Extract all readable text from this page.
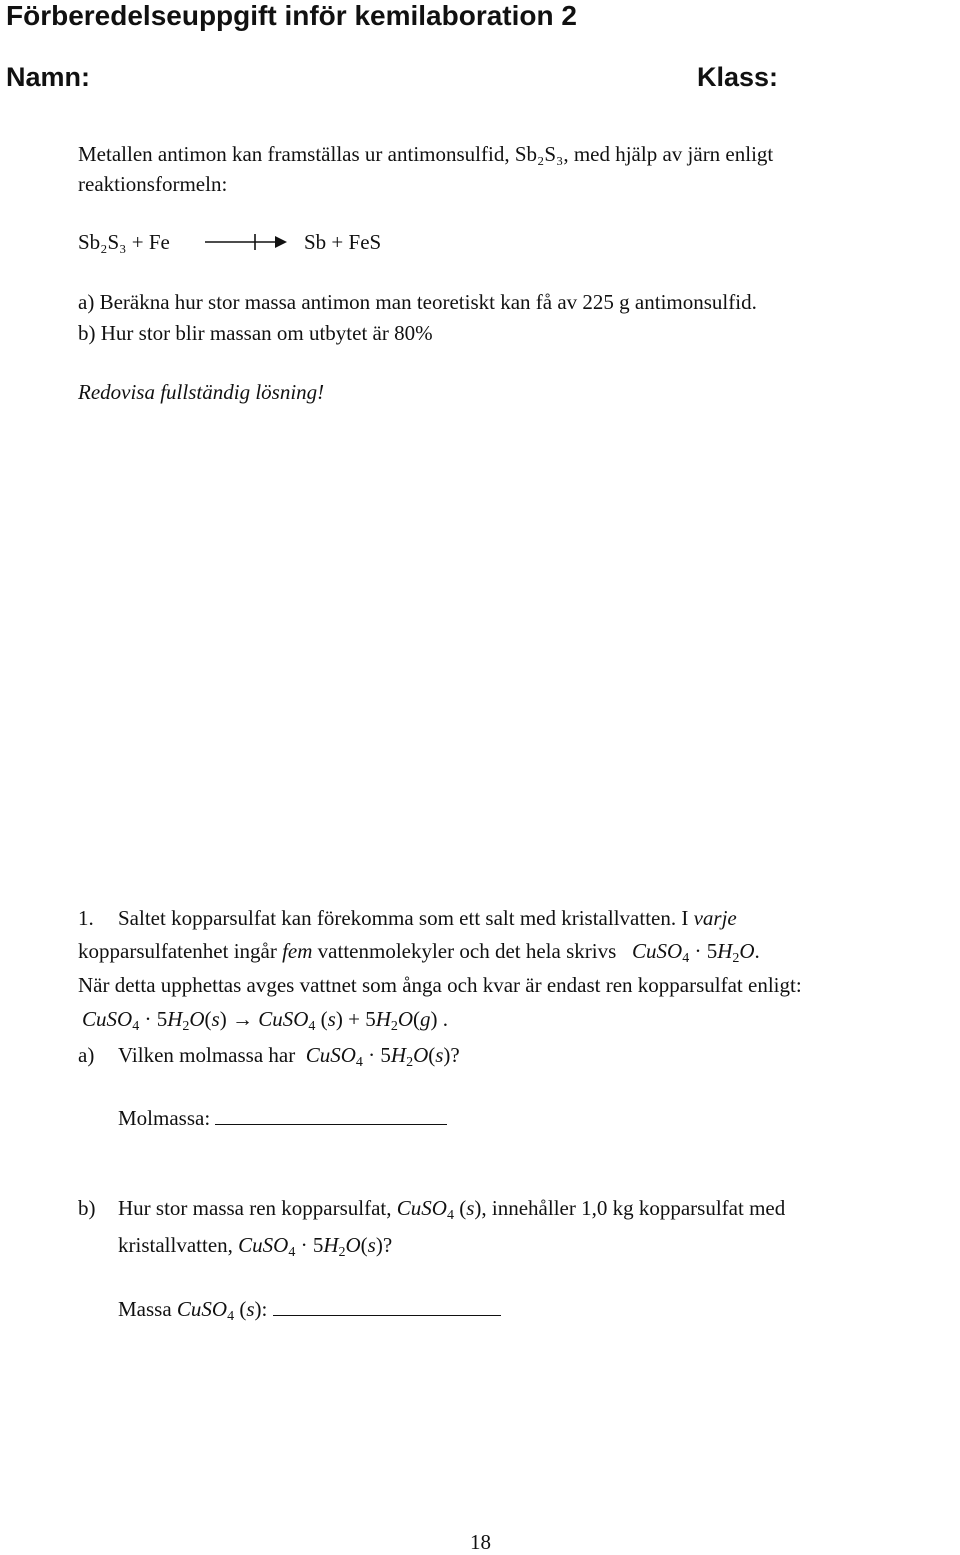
Förberedelseuppgift inför kemilaboration 2
Namn:	Klass:
Metallen antimon kan framställas ur antimonsulfid, Sb₂S₃, med hjälp av järn enligt
reaktionsformeln:
Sb₂S₃ + Fe	Sb + FeS
a) Beräkna hur stor massa antimon man teoretiskt kan få av 225 g antimonsulfid.
b) Hur stor blir massan om utbytet är 80%
Redovisa fullständig lösning!
1. Saltet kopparsulfat kan förekomma som ett salt med kristallvatten. I varje
kopparsulfatenhet ingår fem vattenmolekyler och det hela skrivs CuSO$_4$ · $5H_2O$.
När detta upphettas avges vattnet som ånga och kvar är endast ren kopparsulfat enligt:
CuSO$_4$ · $5H_2O(s)$ → CuSO$_4$ $(s) + 5H_2O(g)$ .
a) Vilken molmassa har CuSO$_4$ · $5H_2O(s)$?
Molmassa:
b) Hur stor massa ren kopparsulfat, CuSO$_4$ (s), innehåller 1,0 kg kopparsulfat med
kristallvatten, CuSO$_4$ · $5H_2O(s)$?
Massa CuSO$_4$ (s):
18
